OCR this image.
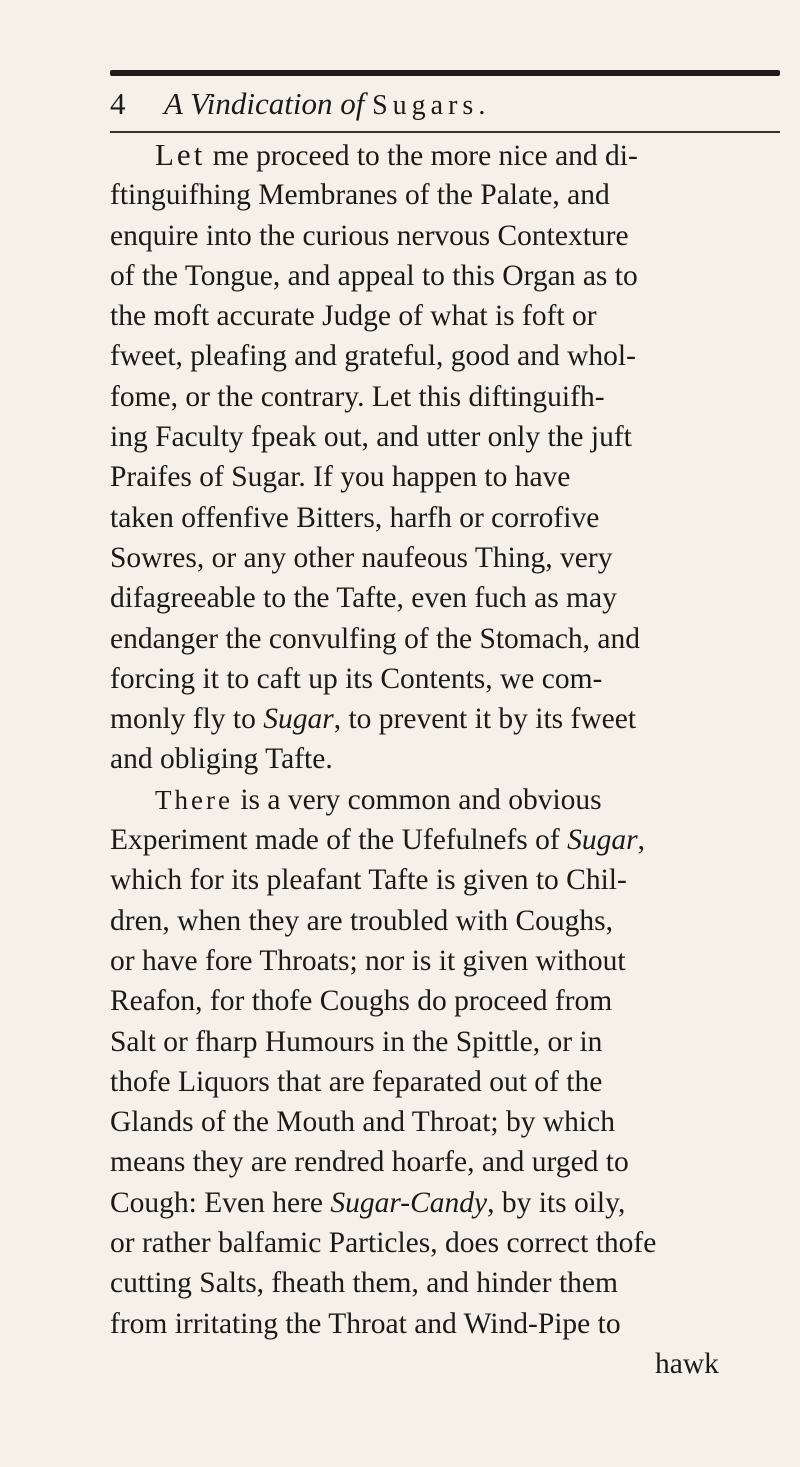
4 A Vindication of Sugars.
Let me proceed to the more nice and di-
ftinguifhing Membranes of the Palate, and
enquire into the curious nervous Contexture
of the Tongue, and appeal to this Organ as to
the moft accurate Judge of what is foft or
fweet, pleafing and grateful, good and whol-
fome, or the contrary. Let this diftinguifh-
ing Faculty fpeak out, and utter only the juft
Praifes of Sugar. If you happen to have
taken offenfive Bitters, harfh or corrofive
Sowres, or any other naufeous Thing, very
difagreeable to the Tafte, even fuch as may
endanger the convulfing of the Stomach, and
forcing it to caft up its Contents, we com-
monly fly to Sugar, to prevent it by its fweet
and obliging Tafte.
There is a very common and obvious
Experiment made of the Ufefulnefs of Sugar,
which for its pleafant Tafte is given to Chil-
dren, when they are troubled with Coughs,
or have fore Throats; nor is it given without
Reafon, for thofe Coughs do proceed from
Salt or fharp Humours in the Spittle, or in
thofe Liquors that are feparated out of the
Glands of the Mouth and Throat; by which
means they are rendred hoarfe, and urged to
Cough: Even here Sugar-Candy, by its oily,
or rather balfamic Particles, does correct thofe
cutting Salts, fheath them, and hinder them
from irritating the Throat and Wind-Pipe to
hawk
